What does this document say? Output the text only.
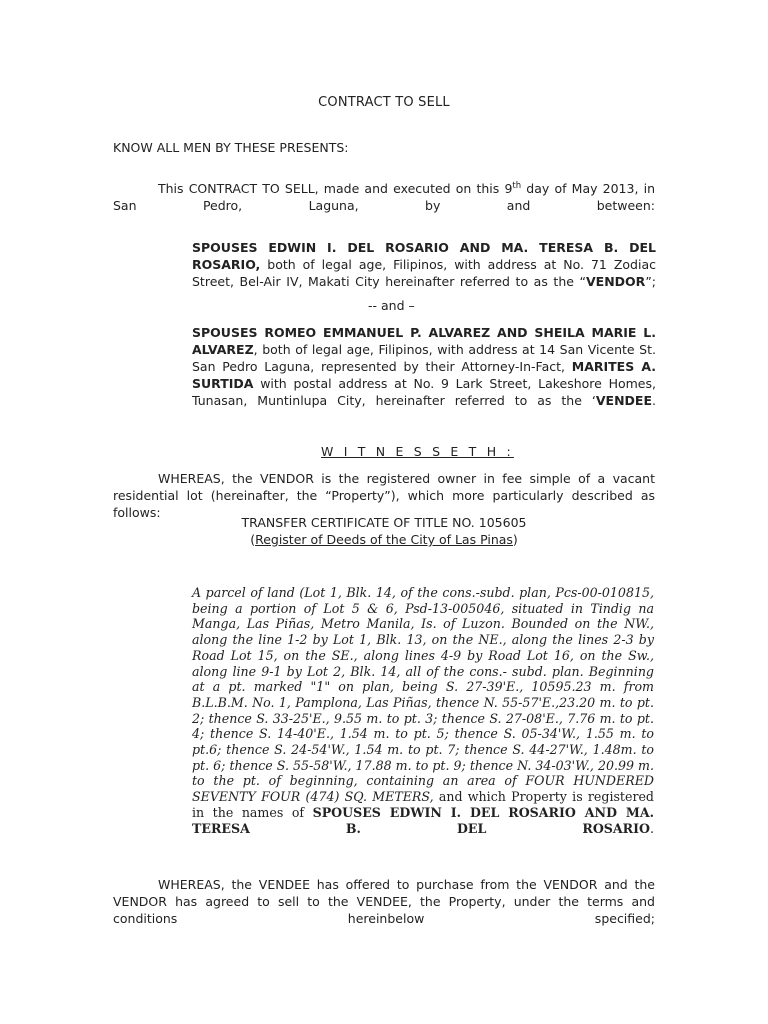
CONTRACT TO SELL
KNOW ALL MEN BY THESE PRESENTS:
This CONTRACT TO SELL, made and executed on this 9th day of May 2013, in San Pedro, Laguna, by and between:
SPOUSES EDWIN I. DEL ROSARIO AND MA. TERESA B. DEL ROSARIO, both of legal age, Filipinos, with address at No. 71 Zodiac Street, Bel-Air IV, Makati City hereinafter referred to as the “VENDOR”;
-- and –
SPOUSES ROMEO EMMANUEL P. ALVAREZ AND SHEILA MARIE L. ALVAREZ, both of legal age, Filipinos, with address at 14 San Vicente St. San Pedro Laguna, represented by their Attorney-In-Fact, MARITES A. SURTIDA with postal address at No. 9 Lark Street, Lakeshore Homes, Tunasan, Muntinlupa City, hereinafter referred to as the ‘VENDEE.
W I T N E S S E T H :
WHEREAS, the VENDOR is the registered owner in fee simple of a vacant residential lot (hereinafter, the “Property”), which more particularly described as follows:
TRANSFER CERTIFICATE OF TITLE NO. 105605
(Register of Deeds of the City of Las Pinas)
A parcel of land (Lot 1, Blk. 14, of the cons.-subd. plan, Pcs-00-010815, being a portion of Lot 5 & 6, Psd-13-005046, situated in Tindig na Manga, Las Piñas, Metro Manila, Is. of Luzon. Bounded on the NW., along the line 1-2 by Lot 1, Blk. 13, on the NE., along the lines 2-3 by Road Lot 15, on the SE., along lines 4-9 by Road Lot 16, on the Sw., along line 9-1 by Lot 2, Blk. 14, all of the cons.- subd. plan. Beginning at a pt. marked "1" on plan, being S. 27-39'E., 10595.23 m. from B.L.B.M. No. 1, Pamplona, Las Piñas, thence N. 55-57'E.,23.20 m. to pt. 2; thence S. 33-25'E., 9.55 m. to pt. 3; thence S. 27-08'E., 7.76 m. to pt. 4; thence S. 14-40'E., 1.54 m. to pt. 5; thence S. 05-34'W., 1.55 m. to pt.6; thence S. 24-54'W., 1.54 m. to pt. 7; thence S. 44-27'W., 1.48m. to pt. 6; thence S. 55-58'W., 17.88 m. to pt. 9; thence N. 34-03'W., 20.99 m. to the pt. of beginning, containing an area of FOUR HUNDERED SEVENTY FOUR (474) SQ. METERS, and which Property is registered in the names of SPOUSES EDWIN I. DEL ROSARIO AND MA. TERESA B. DEL ROSARIO.
WHEREAS, the VENDEE has offered to purchase from the VENDOR and the VENDOR has agreed to sell to the VENDEE, the Property, under the terms and conditions hereinbelow specified;
